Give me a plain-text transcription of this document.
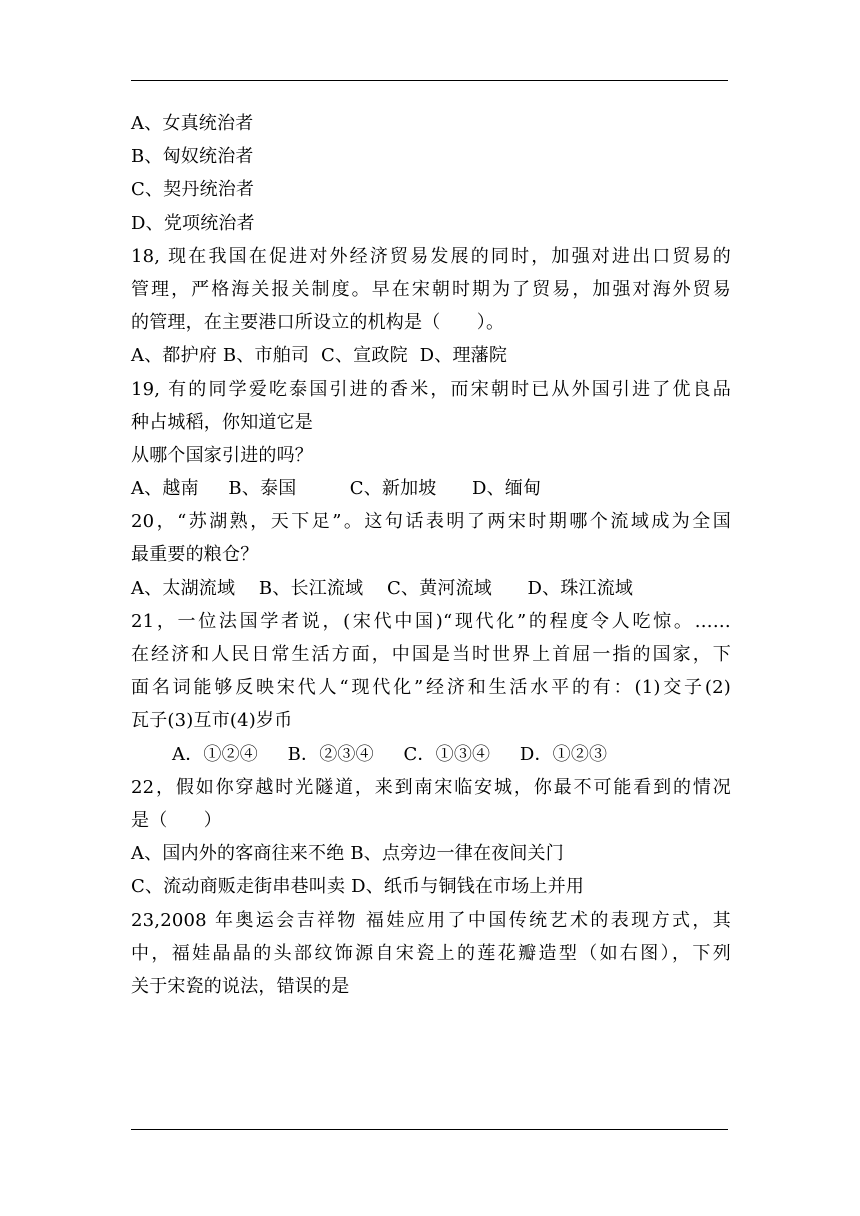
A、女真统治者
B、匈奴统治者
C、契丹统治者
D、党项统治者
18, 现在我国在促进对外经济贸易发展的同时，加强对进出口贸易的
管理，严格海关报关制度。早在宋朝时期为了贸易，加强对海外贸易
的管理，在主要港口所设立的机构是（　　）。
A、都护府 B、市舶司  C、宣政院  D、理藩院
19, 有的同学爱吃泰国引进的香米，而宋朝时已从外国引进了优良品
种占城稻，你知道它是
从哪个国家引进的吗？
A、越南     B、泰国         C、新加坡      D、缅甸
20，“苏湖熟，天下足”。这句话表明了两宋时期哪个流域成为全国
最重要的粮仓？
A、太湖流域    B、长江流域    C、黄河流域      D、珠江流域
21，一位法国学者说，(宋代中国)“现代化”的程度令人吃惊。……
在经济和人民日常生活方面，中国是当时世界上首屈一指的国家，下
面名词能够反映宋代人“现代化”经济和生活水平的有：(1)交子(2)
瓦子(3)互市(4)岁币
A．①②④     B．②③④     C．①③④     D．①②③
22，假如你穿越时光隧道，来到南宋临安城，你最不可能看到的情况
是（　　）
A、国内外的客商往来不绝 B、点旁边一律在夜间关门
C、流动商贩走街串巷叫卖 D、纸币与铜钱在市场上并用
23,2008 年奥运会吉祥物 福娃应用了中国传统艺术的表现方式，其
中，福娃晶晶的头部纹饰源自宋瓷上的莲花瓣造型（如右图），下列
关于宋瓷的说法，错误的是
